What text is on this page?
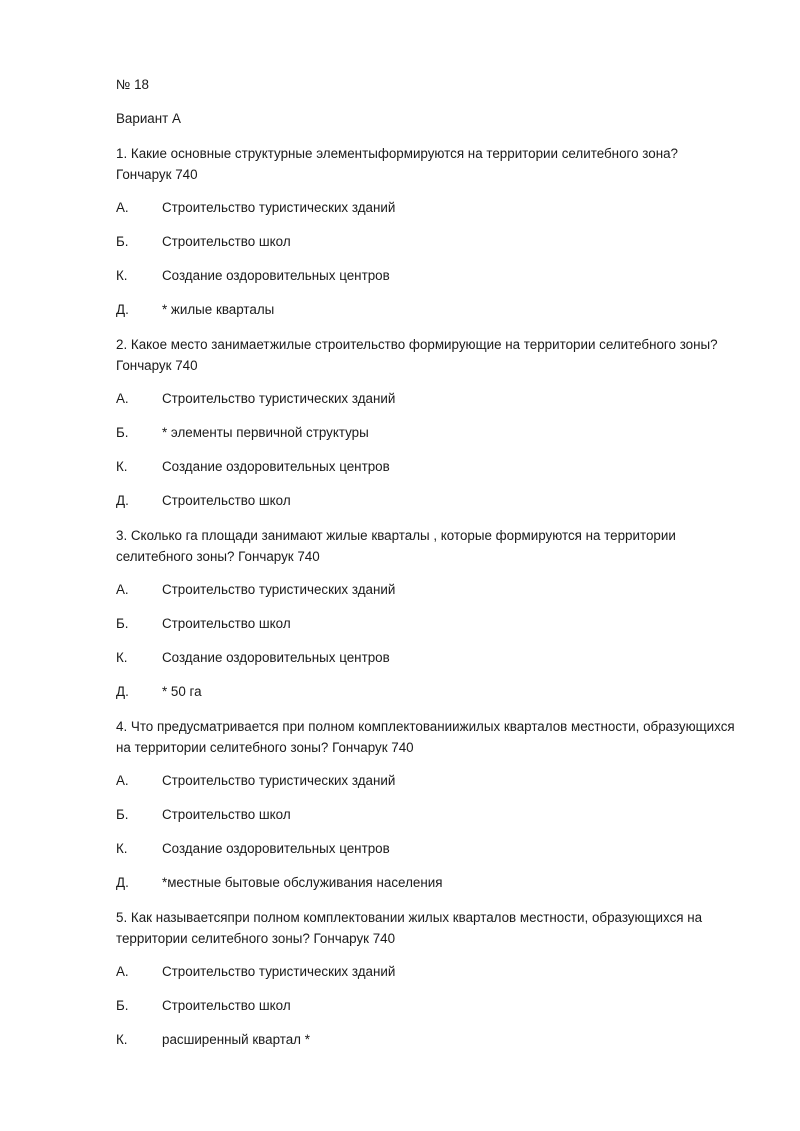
№ 18
Вариант А
1. Какие основные структурные элементыформируются на территории селитебного зона?
Гончарук 740
А.	Строительство туристических зданий
Б.	Строительство школ
К.	Создание оздоровительных центров
Д.	* жилые кварталы
2. Какое место занимаетжилые строительство формирующие на территории селитебного зоны?
Гончарук 740
А.	Строительство туристических зданий
Б.	* элементы первичной структуры
К.	Создание оздоровительных центров
Д.	Строительство школ
3. Сколько га площади занимают жилые кварталы , которые формируются на территории
селитебного зоны? Гончарук 740
А.	Строительство туристических зданий
Б.	Строительство школ
К.	Создание оздоровительных центров
Д.	* 50 га
4. Что предусматривается при полном комплектованиижилых кварталов местности, образующихся
на территории селитебного зоны? Гончарук 740
А.	Строительство туристических зданий
Б.	Строительство школ
К.	Создание оздоровительных центров
Д.	*местные бытовые обслуживания населения
5. Как называетсяпри полном комплектовании жилых кварталов местности, образующихся на
территории селитебного зоны? Гончарук 740
А.	Строительство туристических зданий
Б.	Строительство школ
К.	расширенный квартал *
